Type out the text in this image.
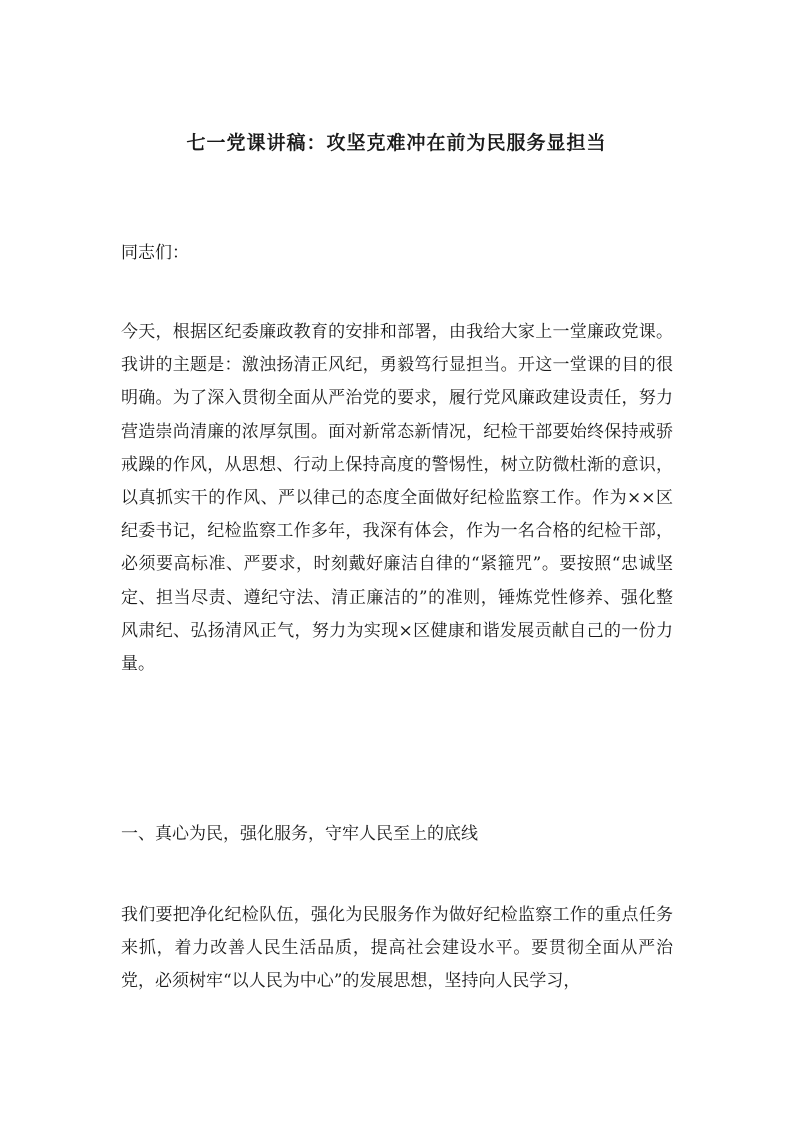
七一党课讲稿：攻坚克难冲在前为民服务显担当

同志们：

今天，根据区纪委廉政教育的安排和部署，由我给大家上一堂廉政党课。我讲的主题是：激浊扬清正风纪，勇毅笃行显担当。开这一堂课的目的很明确。为了深入贯彻全面从严治党的要求，履行党风廉政建设责任，努力营造崇尚清廉的浓厚氛围。面对新常态新情况，纪检干部要始终保持戒骄戒躁的作风，从思想、行动上保持高度的警惕性，树立防微杜渐的意识，以真抓实干的作风、严以律己的态度全面做好纪检监察工作。作为××区纪委书记，纪检监察工作多年，我深有体会，作为一名合格的纪检干部，必须要高标准、严要求，时刻戴好廉洁自律的“紧箍咒”。要按照“忠诚坚定、担当尽责、遵纪守法、清正廉洁的”的准则，锤炼党性修养、强化整风肃纪、弘扬清风正气，努力为实现×区健康和谐发展贡献自己的一份力量。

一、真心为民，强化服务，守牢人民至上的底线

我们要把净化纪检队伍，强化为民服务作为做好纪检监察工作的重点任务来抓，着力改善人民生活品质，提高社会建设水平。要贯彻全面从严治党，必须树牢“以人民为中心”的发展思想，坚持向人民学习，
